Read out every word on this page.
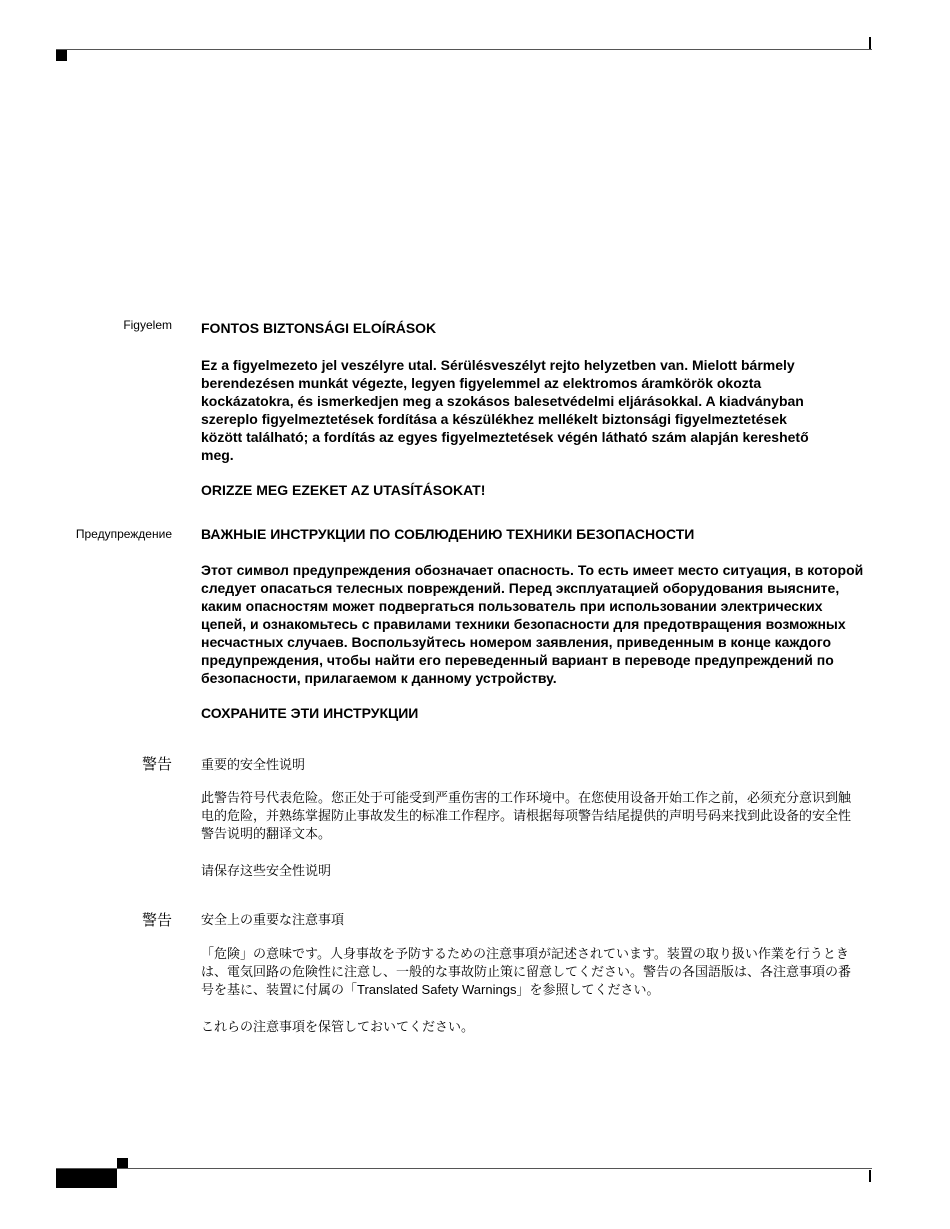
Figyelem FONTOS BIZTONSÁGI ELOÍRÁSOK

Ez a figyelmezeto jel veszélyre utal. Sérülésveszélyt rejto helyzetben van. Mielott bármely berendezésen munkát végezte, legyen figyelemmel az elektromos áramkörök okozta kockázatokra, és ismerkedjen meg a szokásos balesetvédelmi eljárásokkal. A kiadványban szereplo figyelmeztetések fordítása a készülékhez mellékelt biztonsági figyelmeztetések között található; a fordítás az egyes figyelmeztetések végén látható szám alapján kereshető meg.

ORIZZE MEG EZEKET AZ UTASÍTÁSOKAT!

Предупреждение ВАЖНЫЕ ИНСТРУКЦИИ ПО СОБЛЮДЕНИЮ ТЕХНИКИ БЕЗОПАСНОСТИ

Этот символ предупреждения обозначает опасность. То есть имеет место ситуация, в которой следует опасаться телесных повреждений. Перед эксплуатацией оборудования выясните, каким опасностям может подвергаться пользователь при использовании электрических цепей, и ознакомьтесь с правилами техники безопасности для предотвращения возможных несчастных случаев. Воспользуйтесь номером заявления, приведенным в конце каждого предупреждения, чтобы найти его переведенный вариант в переводе предупреждений по безопасности, прилагаемом к данному устройству.

СОХРАНИТЕ ЭТИ ИНСТРУКЦИИ

警告 重要的安全性说明

此警告符号代表危险。您正处于可能受到严重伤害的工作环境中。在您使用设备开始工作之前，必须充分意识到触电的危险，并熟练掌握防止事故发生的标准工作程序。请根据每项警告结尾提供的声明号码来找到此设备的安全性警告说明的翻译文本。

请保存这些安全性说明

警告 安全上の重要な注意事項

「危険」の意味です。人身事故を予防するための注意事項が記述されています。装置の取り扱い作業を行うときは、電気回路の危険性に注意し、一般的な事故防止策に留意してください。警告の各国語版は、各注意事項の番号を基に、装置に付属の「Translated Safety Warnings」を参照してください。

これらの注意事項を保管しておいてください。
